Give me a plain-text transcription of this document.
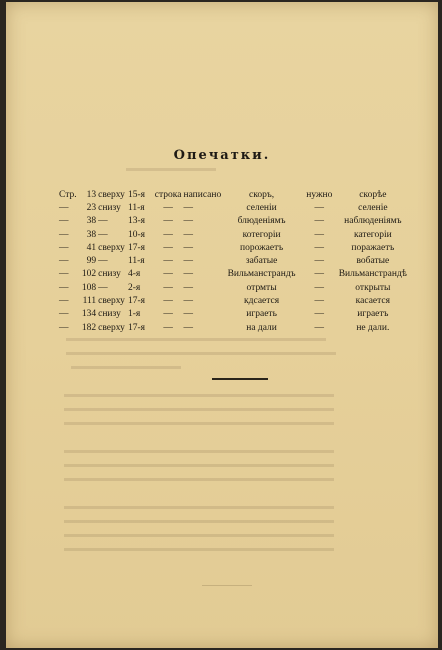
▬▬▬▬▬▬▬▬▬
▬▬▬▬▬▬▬▬▬▬▬▬▬▬▬▬▬▬▬▬▬▬▬▬▬▬
▬▬▬▬▬▬▬▬▬▬▬▬▬▬▬▬▬▬▬▬▬▬▬▬▬▬▬
▬▬▬▬▬▬▬▬▬▬▬
▬▬▬▬▬▬▬▬▬▬▬▬▬▬▬▬▬▬▬▬▬▬▬▬▬▬▬
▬▬▬▬▬▬▬▬▬▬▬▬▬▬▬▬▬▬▬▬▬▬▬▬▬▬▬
▬▬▬▬▬▬▬▬▬▬▬▬▬▬▬▬▬▬▬▬▬▬▬▬▬▬▬

▬▬▬▬▬▬▬▬▬▬▬▬▬▬▬▬▬▬▬▬▬▬▬▬▬▬▬
▬▬▬▬▬▬▬▬▬▬▬▬▬▬▬▬▬▬▬▬▬▬▬▬▬▬▬
▬▬▬▬▬▬▬▬▬▬▬▬▬▬▬▬▬▬▬▬▬▬▬▬▬▬▬

▬▬▬▬▬▬▬▬▬▬▬▬▬▬▬▬▬▬▬▬▬▬▬▬▬▬▬
▬▬▬▬▬▬▬▬▬▬▬▬▬▬▬▬▬▬▬▬▬▬▬▬▬▬▬
▬▬▬▬▬▬▬▬▬▬▬▬▬▬▬▬▬▬▬▬▬▬▬▬▬▬▬
▬▬▬▬▬▬▬▬▬▬▬▬▬▬▬▬▬▬▬▬▬▬▬▬▬▬▬
Опечатки.
Стр.	13	сверху	15-я	строка	написано	скоръ,	нужно	скорѣе
—	23	снизу	11-я	—	—	селенiи	—	селенiе
—	38	—	13-я	—	—	блюденiямъ	—	наблюденiямъ
—	38	—	10-я	—	—	котегорiи	—	категорiи
—	41	сверху	17-я	—	—	порожаетъ	—	поражаетъ
—	99	—	11-я	—	—	забатые	—	вобатые
—	102	снизу	4-я	—	—	Вильманстрандъ	—	Вильманстрандѣ
—	108	—	2-я	—	—	отрмты	—	открыты
—	111	сверху	17-я	—	—	кдсается	—	касается
—	134	снизу	1-я	—	—	играеть	—	играетъ
—	182	сверху	17-я	—	—	на дали	—	не дали.
